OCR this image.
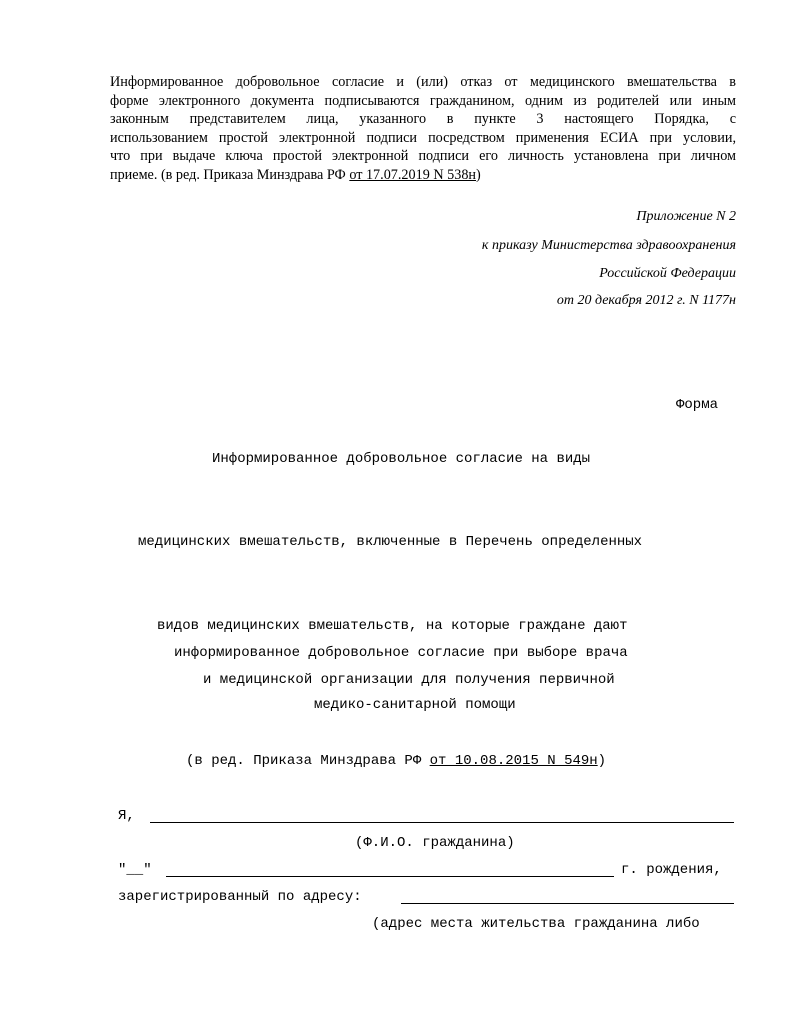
Информированное добровольное согласие и (или) отказ от медицинского вмешательства в
форме электронного документа подписываются гражданином, одним из родителей или иным
законным представителем лица, указанного в пункте 3 настоящего Порядка, с
использованием простой электронной подписи посредством применения ЕСИА при условии,
что при выдаче ключа простой электронной подписи его личность установлена при личном
приеме. (в ред. Приказа Минздрава РФ от 17.07.2019 N 538н)
Приложение N 2
к приказу Министерства здравоохранения
Российской Федерации
от 20 декабря 2012 г. N 1177н
Форма
Информированное добровольное согласие на виды
медицинских вмешательств, включенные в Перечень определенных
видов медицинских вмешательств, на которые граждане дают
информированное добровольное согласие при выборе врача
и медицинской организации для получения первичной
медико-санитарной помощи
(в ред. Приказа Минздрава РФ от 10.08.2015 N 549н)
Я,
(Ф.И.О. гражданина)
"__"	г. рождения,
зарегистрированный по адресу:
(адрес места жительства гражданина либо
